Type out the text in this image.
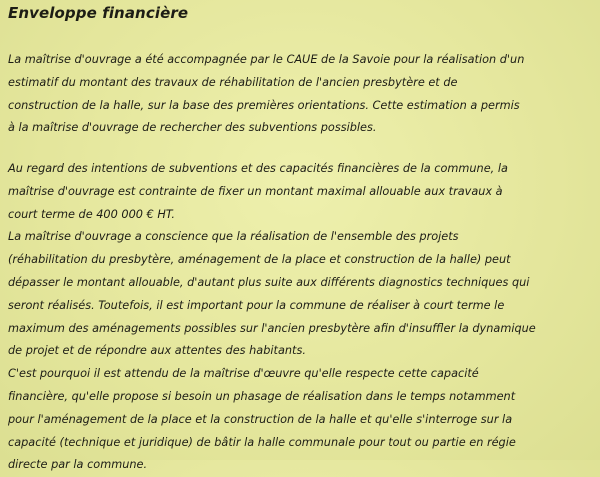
Enveloppe financière
La maîtrise d'ouvrage a été accompagnée par le CAUE de la Savoie pour la réalisation d'un
estimatif du montant des travaux de réhabilitation de l'ancien presbytère et de
construction de la halle, sur la base des premières orientations. Cette estimation a permis
à la maîtrise d'ouvrage de rechercher des subventions possibles.
Au regard des intentions de subventions et des capacités financières de la commune, la
maîtrise d'ouvrage est contrainte de fixer un montant maximal allouable aux travaux à
court terme de 400 000 € HT.
La maîtrise d'ouvrage a conscience que la réalisation de l'ensemble des projets
(réhabilitation du presbytère, aménagement de la place et construction de la halle) peut
dépasser le montant allouable, d'autant plus suite aux différents diagnostics techniques qui
seront réalisés. Toutefois, il est important pour la commune de réaliser à court terme le
maximum des aménagements possibles sur l'ancien presbytère afin d'insuffler la dynamique
de projet et de répondre aux attentes des habitants.
C'est pourquoi il est attendu de la maîtrise d'œuvre qu'elle respecte cette capacité
financière, qu'elle propose si besoin un phasage de réalisation dans le temps notamment
pour l'aménagement de la place et la construction de la halle et qu'elle s'interroge sur la
capacité (technique et juridique) de bâtir la halle communale pour tout ou partie en régie
directe par la commune.
